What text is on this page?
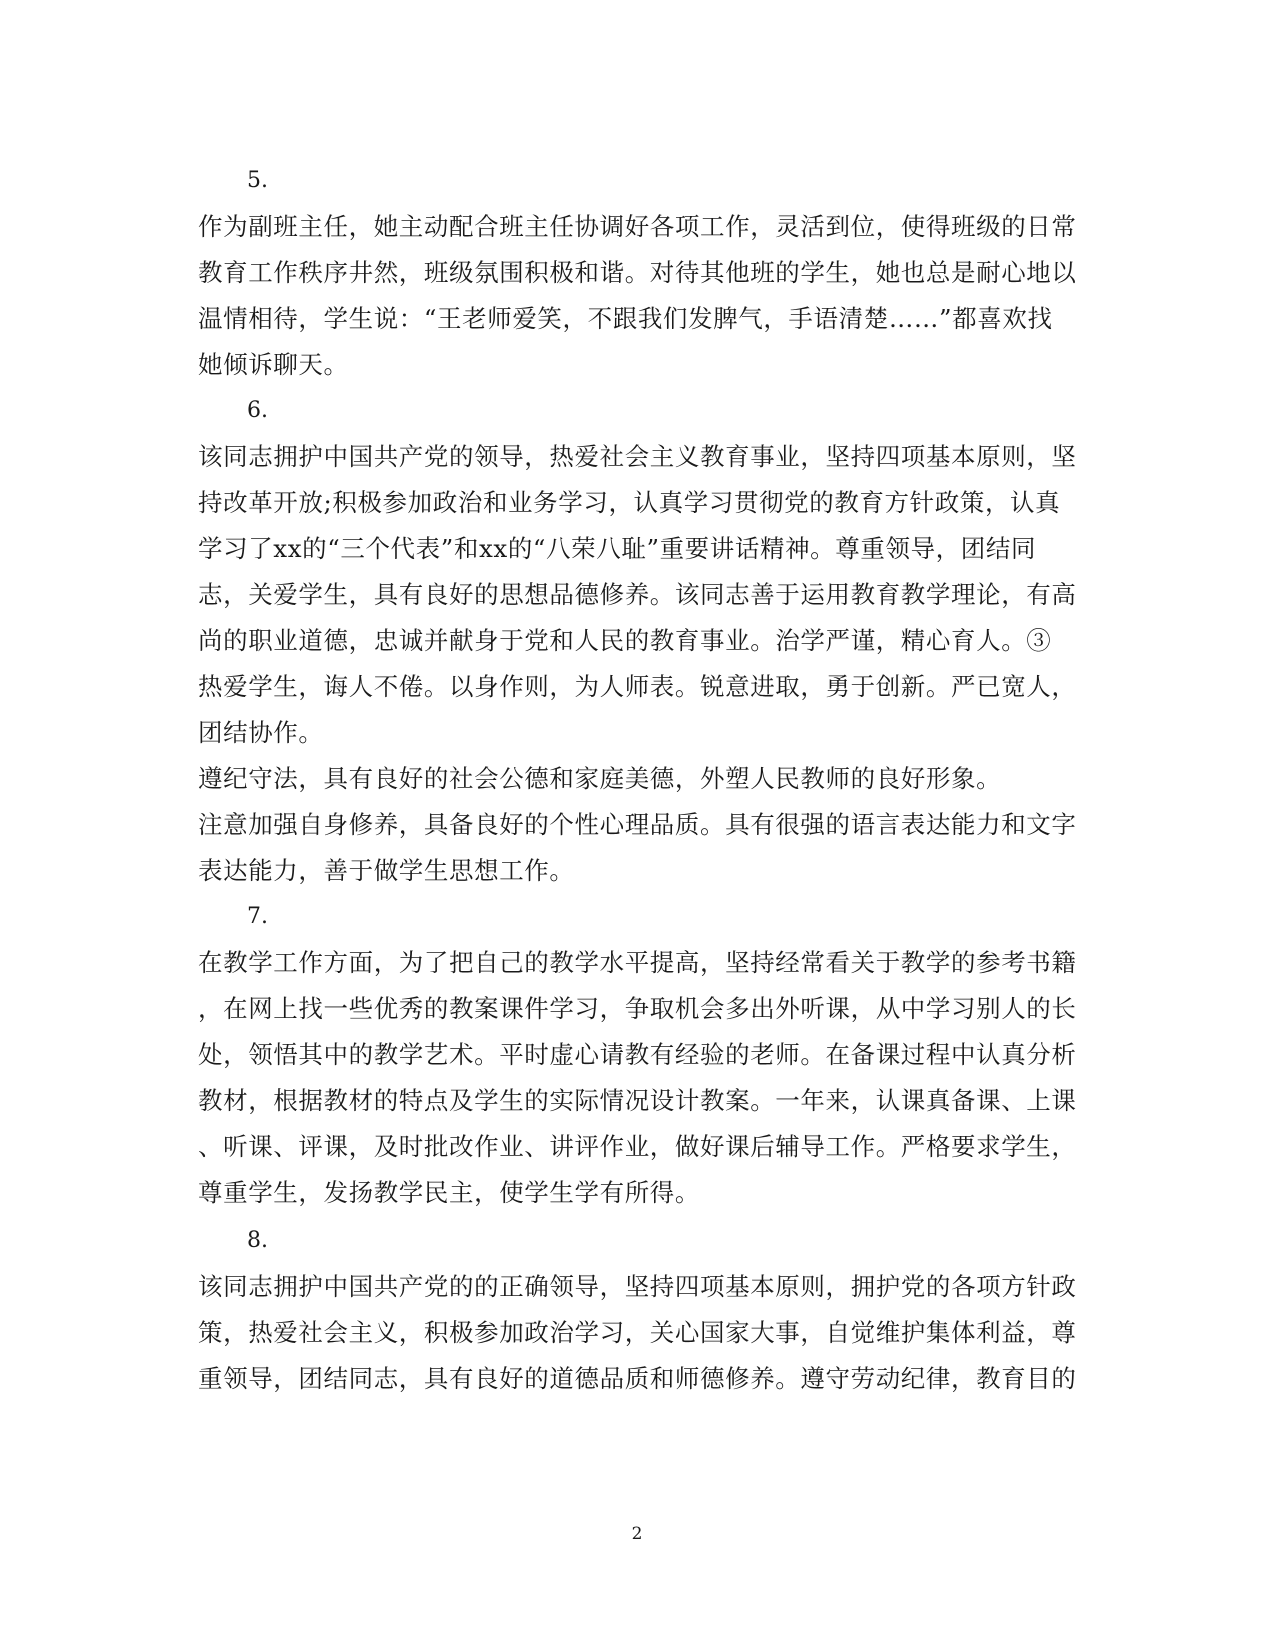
5.
作为副班主任，她主动配合班主任协调好各项工作，灵活到位，使得班级的日常
教育工作秩序井然，班级氛围积极和谐。对待其他班的学生，她也总是耐心地以
温情相待，学生说：“王老师爱笑，不跟我们发脾气，手语清楚……”都喜欢找
她倾诉聊天。
6.
该同志拥护中国共产党的领导，热爱社会主义教育事业，坚持四项基本原则，坚
持改革开放;积极参加政治和业务学习，认真学习贯彻党的教育方针政策，认真
学习了xx的“三个代表”和xx的“八荣八耻”重要讲话精神。尊重领导，团结同
志，关爱学生，具有良好的思想品德修养。该同志善于运用教育教学理论，有高
尚的职业道德，忠诚并献身于党和人民的教育事业。治学严谨，精心育人。③
热爱学生，诲人不倦。以身作则，为人师表。锐意进取，勇于创新。严已宽人，
团结协作。
遵纪守法，具有良好的社会公德和家庭美德，外塑人民教师的良好形象。
注意加强自身修养，具备良好的个性心理品质。具有很强的语言表达能力和文字
表达能力，善于做学生思想工作。
7.
在教学工作方面，为了把自己的教学水平提高，坚持经常看关于教学的参考书籍
，在网上找一些优秀的教案课件学习，争取机会多出外听课，从中学习别人的长
处，领悟其中的教学艺术。平时虚心请教有经验的老师。在备课过程中认真分析
教材，根据教材的特点及学生的实际情况设计教案。一年来，认课真备课、上课
、听课、评课，及时批改作业、讲评作业，做好课后辅导工作。严格要求学生，
尊重学生，发扬教学民主，使学生学有所得。
8.
该同志拥护中国共产党的的正确领导，坚持四项基本原则，拥护党的各项方针政
策，热爱社会主义，积极参加政治学习，关心国家大事，自觉维护集体利益，尊
重领导，团结同志，具有良好的道德品质和师德修养。遵守劳动纪律，教育目的
2
